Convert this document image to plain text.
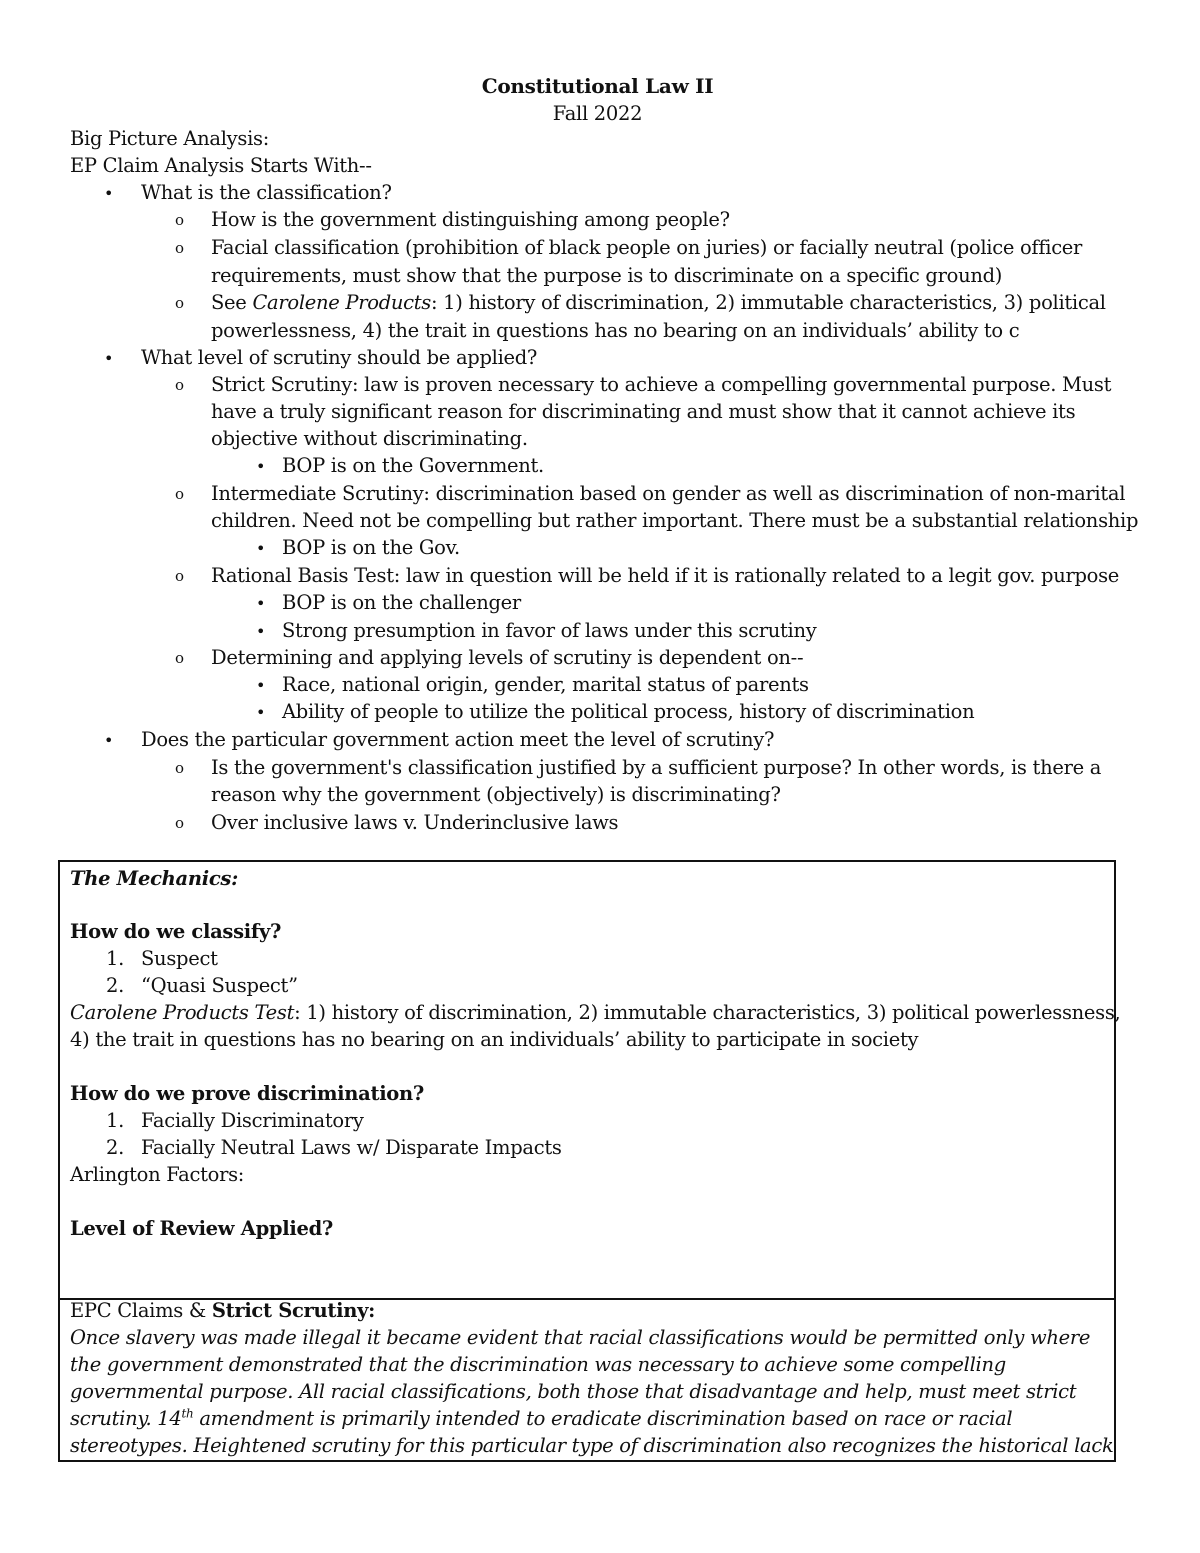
Constitutional Law II
Fall 2022
Big Picture Analysis:
EP Claim Analysis Starts With--
• What is the classification?
o How is the government distinguishing among people?
o Facial classification (prohibition of black people on juries) or facially neutral (police officer
requirements, must show that the purpose is to discriminate on a specific ground)
o See Carolene Products: 1) history of discrimination, 2) immutable characteristics, 3) political
powerlessness, 4) the trait in questions has no bearing on an individuals’ ability to c
• What level of scrutiny should be applied?
o Strict Scrutiny: law is proven necessary to achieve a compelling governmental purpose. Must
have a truly significant reason for discriminating and must show that it cannot achieve its
objective without discriminating.
• BOP is on the Government.
o Intermediate Scrutiny: discrimination based on gender as well as discrimination of non-marital
children. Need not be compelling but rather important. There must be a substantial relationship
• BOP is on the Gov.
o Rational Basis Test: law in question will be held if it is rationally related to a legit gov. purpose
• BOP is on the challenger
• Strong presumption in favor of laws under this scrutiny
o Determining and applying levels of scrutiny is dependent on--
• Race, national origin, gender, marital status of parents
• Ability of people to utilize the political process, history of discrimination
• Does the particular government action meet the level of scrutiny?
o Is the government's classification justified by a sufficient purpose? In other words, is there a
reason why the government (objectively) is discriminating?
o Over inclusive laws v. Underinclusive laws
The Mechanics:
How do we classify?
1. Suspect
2. “Quasi Suspect”
Carolene Products Test: 1) history of discrimination, 2) immutable characteristics, 3) political powerlessness,
4) the trait in questions has no bearing on an individuals’ ability to participate in society
How do we prove discrimination?
1. Facially Discriminatory
2. Facially Neutral Laws w/ Disparate Impacts
Arlington Factors:
Level of Review Applied?
EPC Claims & Strict Scrutiny:
Once slavery was made illegal it became evident that racial classifications would be permitted only where
the government demonstrated that the discrimination was necessary to achieve some compelling
governmental purpose. All racial classifications, both those that disadvantage and help, must meet strict
scrutiny. 14th amendment is primarily intended to eradicate discrimination based on race or racial
stereotypes. Heightened scrutiny for this particular type of discrimination also recognizes the historical lack
